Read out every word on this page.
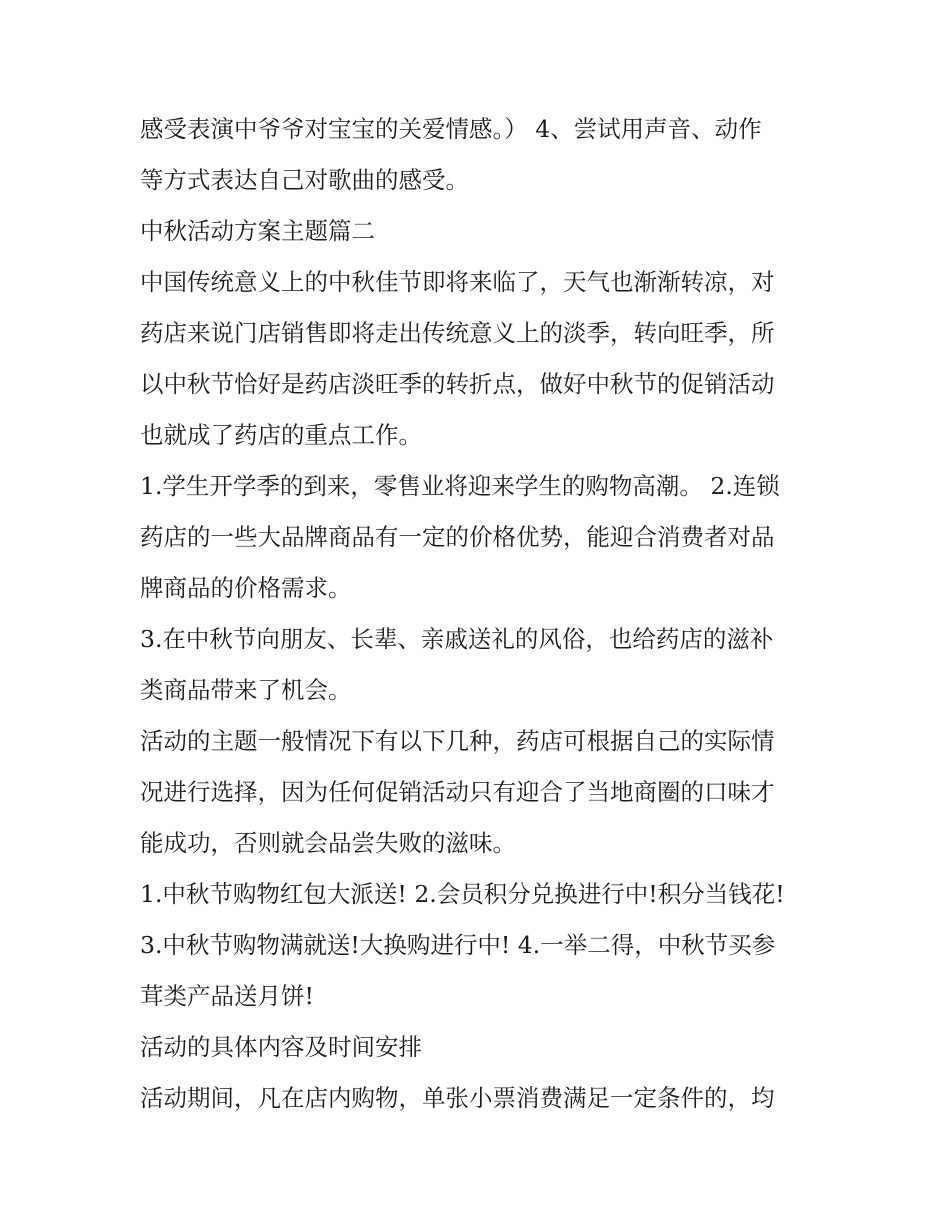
感受表演中爷爷对宝宝的关爱情感。） 4、尝试用声音、动作
等方式表达自己对歌曲的感受。
中秋活动方案主题篇二
中国传统意义上的中秋佳节即将来临了，天气也渐渐转凉，对
药店来说门店销售即将走出传统意义上的淡季，转向旺季，所
以中秋节恰好是药店淡旺季的转折点，做好中秋节的促销活动
也就成了药店的重点工作。
1.学生开学季的到来，零售业将迎来学生的购物高潮。 2.连锁
药店的一些大品牌商品有一定的价格优势，能迎合消费者对品
牌商品的价格需求。
3.在中秋节向朋友、长辈、亲戚送礼的风俗，也给药店的滋补
类商品带来了机会。
活动的主题一般情况下有以下几种，药店可根据自己的实际情
况进行选择，因为任何促销活动只有迎合了当地商圈的口味才
能成功，否则就会品尝失败的滋味。
1.中秋节购物红包大派送! 2.会员积分兑换进行中!积分当钱花!
3.中秋节购物满就送!大换购进行中! 4.一举二得，中秋节买参
茸类产品送月饼!
活动的具体内容及时间安排
活动期间，凡在店内购物，单张小票消费满足一定条件的，均
